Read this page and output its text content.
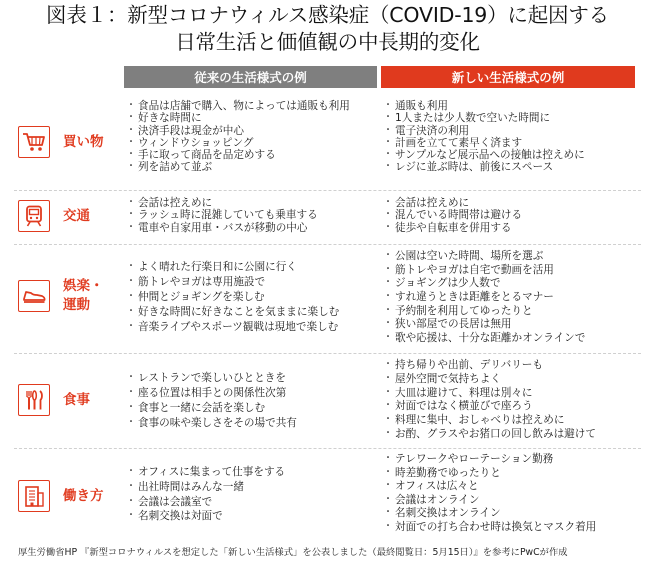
図表１：新型コロナウィルス感染症（COVID-19）に起因する
日常生活と価値観の中長期的変化
従来の生活様式の例	新しい生活様式の例
買い物
・ 食品は店舗で購入、物によっては通販も利用
・ 好きな時間に
・ 決済手段は現金が中心
・ ウィンドウショッピング
・ 手に取って商品を品定めする
・ 列を詰めて並ぶ
・ 通販も利用
・ 1人または少人数で空いた時間に
・ 電子決済の利用
・ 計画を立てて素早く済ます
・ サンプルなど展示品への接触は控えめに
・ レジに並ぶ時は、前後にスペース
交通
・ 会話は控えめに
・ ラッシュ時に混雑していても乗車する
・ 電車や自家用車・バスが移動の中心
・ 会話は控えめに
・ 混んでいる時間帯は避ける
・ 徒歩や自転車を併用する
娯楽・
運動
・ よく晴れた行楽日和に公園に行く
・ 筋トレやヨガは専用施設で
・ 仲間とジョギングを楽しむ
・ 好きな時間に好きなことを気ままに楽しむ
・ 音楽ライブやスポーツ観戦は現地で楽しむ
・ 公園は空いた時間、場所を選ぶ
・ 筋トレやヨガは自宅で動画を活用
・ ジョギングは少人数で
・ すれ違うときは距離をとるマナー
・ 予約制を利用してゆったりと
・ 狭い部屋での長居は無用
・ 歌や応援は、十分な距離かオンラインで
食事
・ レストランで楽しいひとときを
・ 座る位置は相手との関係性次第
・ 食事と一緒に会話を楽しむ
・ 食事の味や楽しさをその場で共有
・ 持ち帰りや出前、デリバリーも
・ 屋外空間で気持ちよく
・ 大皿は避けて、料理は別々に
・ 対面ではなく横並びで座ろう
・ 料理に集中、おしゃべりは控えめに
・ お酌、グラスやお猪口の回し飲みは避けて
働き方
・ オフィスに集まって仕事をする
・ 出社時間はみんな一緒
・ 会議は会議室で
・ 名刺交換は対面で
・ テレワークやローテーション勤務
・ 時差勤務でゆったりと
・ オフィスは広々と
・ 会議はオンライン
・ 名刺交換はオンライン
・ 対面での打ち合わせ時は換気とマスク着用
厚生労働省HP 『新型コロナウィルスを想定した「新しい生活様式」を公表しました（最終閲覧日：5月15日）』を参考にPwCが作成
